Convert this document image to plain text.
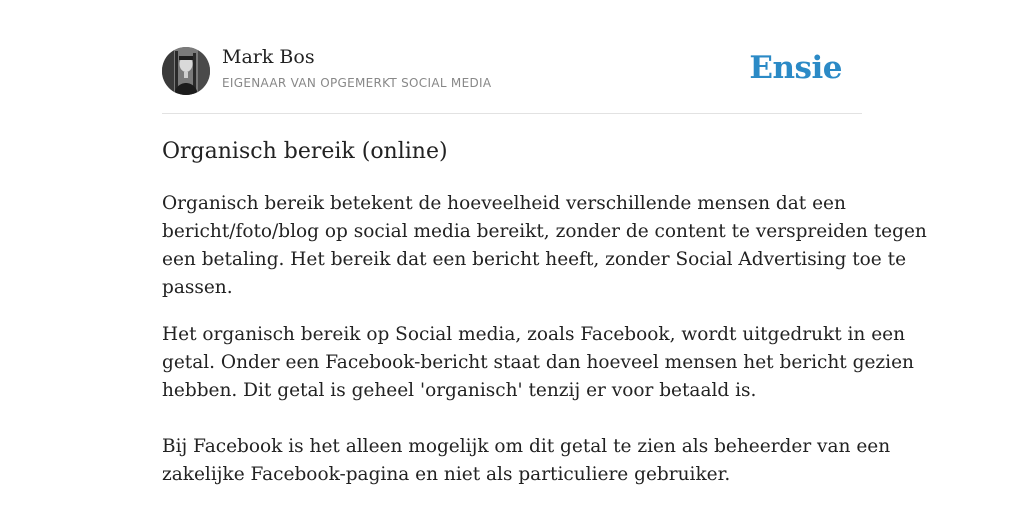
Mark Bos
EIGENAAR VAN OPGEMERKT SOCIAL MEDIA	Ensie
Organisch bereik (online)

Organisch bereik betekent de hoeveelheid verschillende mensen dat een
bericht/foto/blog op social media bereikt, zonder de content te verspreiden tegen
een betaling. Het bereik dat een bericht heeft, zonder Social Advertising toe te
passen.

Het organisch bereik op Social media, zoals Facebook, wordt uitgedrukt in een
getal. Onder een Facebook-bericht staat dan hoeveel mensen het bericht gezien
hebben. Dit getal is geheel 'organisch' tenzij er voor betaald is.
Bij Facebook is het alleen mogelijk om dit getal te zien als beheerder van een
zakelijke Facebook-pagina en niet als particuliere gebruiker.
